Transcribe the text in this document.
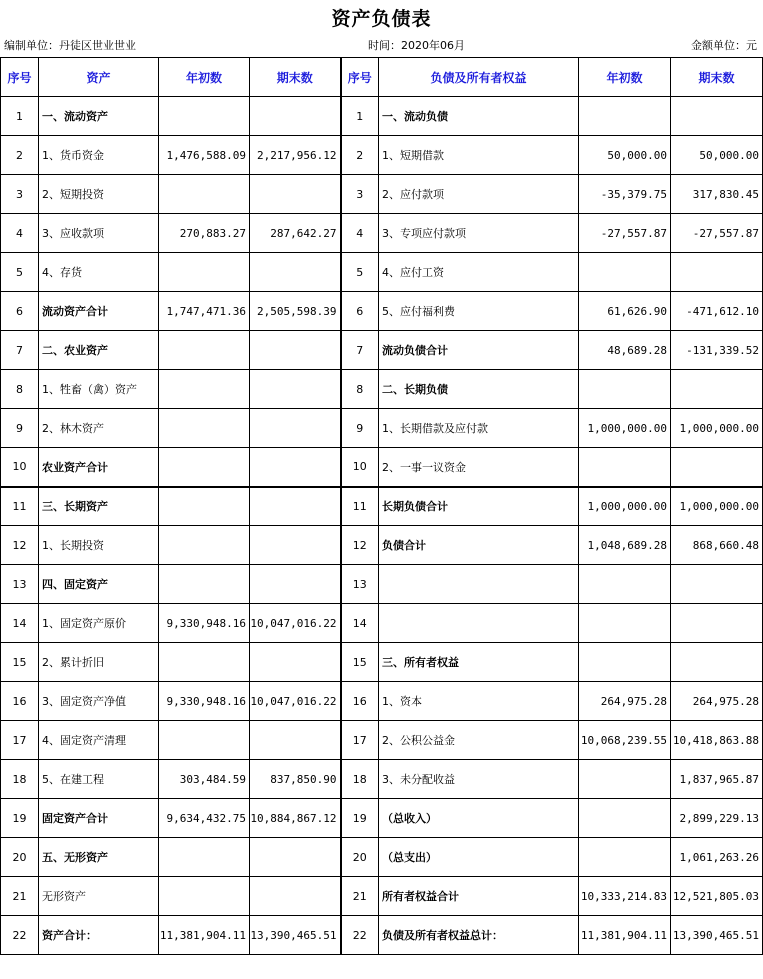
资产负债表
编制单位：丹徒区世业世业	时间：2020年06月	金额单位：元
序号	资产	年初数	期末数	序号	负债及所有者权益	年初数	期末数
1	一、流动资产			1	一、流动负债		
2	1、货币资金	1,476,588.09	2,217,956.12	2	1、短期借款	50,000.00	50,000.00
3	2、短期投资			3	2、应付款项	-35,379.75	317,830.45
4	3、应收款项	270,883.27	287,642.27	4	3、专项应付款项	-27,557.87	-27,557.87
5	4、存货			5	4、应付工资		
6	流动资产合计	1,747,471.36	2,505,598.39	6	5、应付福利费	61,626.90	-471,612.10
7	二、农业资产			7	流动负债合计	48,689.28	-131,339.52
8	1、牲畜（禽）资产			8	二、长期负债		
9	2、林木资产			9	1、长期借款及应付款	1,000,000.00	1,000,000.00
10	农业资产合计			10	2、一事一议资金		
11	三、长期资产			11	长期负债合计	1,000,000.00	1,000,000.00
12	1、长期投资			12	负债合计	1,048,689.28	868,660.48
13	四、固定资产			13			
14	1、固定资产原价	9,330,948.16	10,047,016.22	14			
15	2、累计折旧			15	三、所有者权益		
16	3、固定资产净值	9,330,948.16	10,047,016.22	16	1、资本	264,975.28	264,975.28
17	4、固定资产清理			17	2、公积公益金	10,068,239.55	10,418,863.88
18	5、在建工程	303,484.59	837,850.90	18	3、未分配收益		1,837,965.87
19	固定资产合计	9,634,432.75	10,884,867.12	19	（总收入）		2,899,229.13
20	五、无形资产			20	（总支出）		1,061,263.26
21	无形资产			21	所有者权益合计	10,333,214.83	12,521,805.03
22	资产合计：	11,381,904.11	13,390,465.51	22	负债及所有者权益总计：	11,381,904.11	13,390,465.51
